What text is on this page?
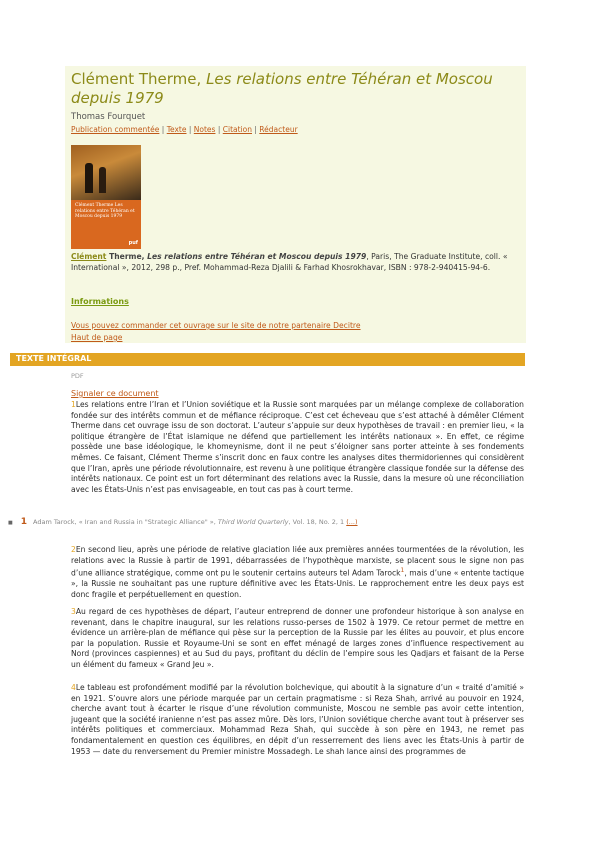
Clément Therme, Les relations entre Téhéran et Moscou depuis 1979
Thomas Fourquet
Publication commentée | Texte | Notes | Citation | Rédacteur
Clément Therme Les relations entre Téhéran et Moscou depuis 1979
puf
Clément Therme, Les relations entre Téhéran et Moscou depuis 1979, Paris, The Graduate Institute, coll. « International », 2012, 298 p., Pref. Mohammad-Reza Djalili & Farhad Khosrokhavar, ISBN : 978-2-940415-94-6.
Informations
Vous pouvez commander cet ouvrage sur le site de notre partenaire Decitre
Haut de page
TEXTE INTÉGRAL
PDF
Signaler ce document
1Les relations entre l’Iran et l’Union soviétique et la Russie sont marquées par un mélange complexe de collaboration fondée sur des intérêts commun et de méfiance réciproque. C’est cet écheveau que s’est attaché à démêler Clément Therme dans cet ouvrage issu de son doctorat. L’auteur s’appuie sur deux hypothèses de travail : en premier lieu, « la politique étrangère de l’État islamique ne défend que partiellement les intérêts nationaux ». En effet, ce régime possède une base idéologique, le khomeynisme, dont il ne peut s’éloigner sans porter atteinte à ses fondements mêmes. Ce faisant, Clément Therme s’inscrit donc en faux contre les analyses dites thermidoriennes qui considèrent que l’Iran, après une période révolutionnaire, est revenu à une politique étrangère classique fondée sur la défense des intérêts nationaux. Ce point est un fort déterminant des relations avec la Russie, dans la mesure où une réconciliation avec les États-Unis n’est pas envisageable, en tout cas pas à court terme.
■ 1 Adam Tarock, « Iran and Russia in "Strategic Alliance" », Third World Quarterly, Vol. 18, No. 2, 1 (...)
2En second lieu, après une période de relative glaciation liée aux premières années tourmentées de la révolution, les relations avec la Russie à partir de 1991, débarrassées de l’hypothèque marxiste, se placent sous le signe non pas d’une alliance stratégique, comme ont pu le soutenir certains auteurs tel Adam Tarock$^1$, mais d’une « entente tactique », la Russie ne souhaitant pas une rupture définitive avec les États-Unis. Le rapprochement entre les deux pays est donc fragile et perpétuellement en question.
3Au regard de ces hypothèses de départ, l’auteur entreprend de donner une profondeur historique à son analyse en revenant, dans le chapitre inaugural, sur les relations russo-perses de 1502 à 1979. Ce retour permet de mettre en évidence un arrière-plan de méfiance qui pèse sur la perception de la Russie par les élites au pouvoir, et plus encore par la population. Russie et Royaume-Uni se sont en effet ménagé de larges zones d’influence respectivement au Nord (provinces caspiennes) et au Sud du pays, profitant du déclin de l’empire sous les Qadjars et faisant de la Perse un élément du fameux « Grand Jeu ».
4Le tableau est profondément modifié par la révolution bolchevique, qui aboutit à la signature d’un « traité d’amitié » en 1921. S’ouvre alors une période marquée par un certain pragmatisme : si Reza Shah, arrivé au pouvoir en 1924, cherche avant tout à écarter le risque d’une révolution communiste, Moscou ne semble pas avoir cette intention, jugeant que la société iranienne n’est pas assez mûre. Dès lors, l’Union soviétique cherche avant tout à préserver ses intérêts politiques et commerciaux. Mohammad Reza Shah, qui succède à son père en 1943, ne remet pas fondamentalement en question ces équilibres, en dépit d’un resserrement des liens avec les États-Unis à partir de 1953 — date du renversement du Premier ministre Mossadegh. Le shah lance ainsi des programmes de
